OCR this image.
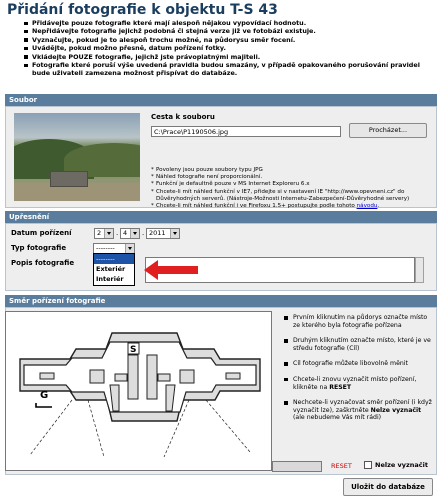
Přidání fotografie k objektu T-S 43
Přidávejte pouze fotografie které mají alespoň nějakou vypovídací hodnotu.
Nepřidávejte fotografie jejichž podobná či stejná verze již ve fotobázi existuje.
Vyznačujte, pokud je to alespoň trochu možné, na půdorysu směr focení.
Uvádějte, pokud možno přesně, datum pořízení fotky.
Vkládejte POUZE fotografie, jejichž jste právoplatnými majiteli.
Fotografie které poruší výše uvedená pravidla budou smazány, v případě opakovaného porušování pravidel bude uživateli zamezena možnost přispívat do databáze.
Soubor
Cesta k souboru
C:\Prace\P1190506.jpg	Procházet...
* Povoleny jsou pouze soubory typu JPG
* Náhled fotografie není proporcionální.
* Funkční je defaultně pouze v MS Internet Exploreru 6.x
* Chcete-li mít náhled funkční v IE7, přidejte si v nastavení IE "http://www.opevneni.cz" do Důvěryhodných serverů. (Nástroje-Možnosti Internetu-Zabezpečení-Důvěryhodné servery)
* Chcete-li mít náhled funkční i ve Firefoxu 1.5+ postupujte podle tohoto návodu.
Upřesnění
Datum pořízení	2	. 4	. 2011
Typ fotografie	--------
--------
Exteriér
Interiér
Popis fotografie
Směr pořízení fotografie
S
G
Prvním kliknutím na půdorys označte místo ze kterého byla fotografie pořízena
Druhým kliknutím označte místo, které je ve středu fotografie (Cíl)
Cíl fotografie můžete libovolně měnit
Chcete-li znovu vyznačit místo pořízení, klikněte na RESET
Nechcete-li vyznačovat směr pořízení (i když vyznačit lze), zaškrtněte Nelze vyznačit (ale nebudeme Vás mít rádi)
RESET	Nelze vyznačit
Uložit do databáze
